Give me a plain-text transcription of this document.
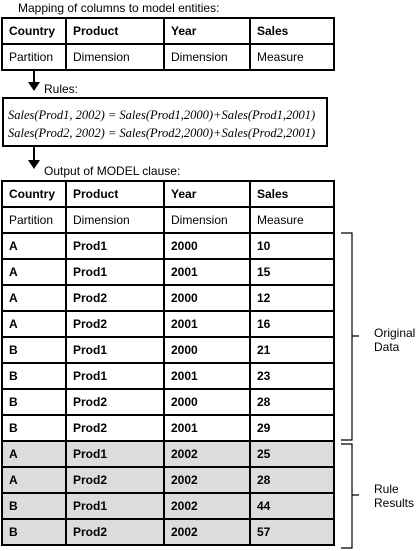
Mapping of columns to model entities:
Country	Product	Year	Sales
Partition	Dimension	Dimension	Measure
Rules:
Sales(Prod1, 2002) = Sales(Prod1,2000)+Sales(Prod1,2001)
Sales(Prod2, 2002) = Sales(Prod2,2000)+Sales(Prod2,2001)
Output of MODEL clause:
Country	Product	Year	Sales
Partition	Dimension	Dimension	Measure
A	Prod1	2000	10
A	Prod1	2001	15
A	Prod2	2000	12
A	Prod2	2001	16
B	Prod1	2000	21
B	Prod1	2001	23
B	Prod2	2000	28
B	Prod2	2001	29
A	Prod1	2002	25
A	Prod2	2002	28
B	Prod1	2002	44
B	Prod2	2002	57
Original
Data
Rule
Results
